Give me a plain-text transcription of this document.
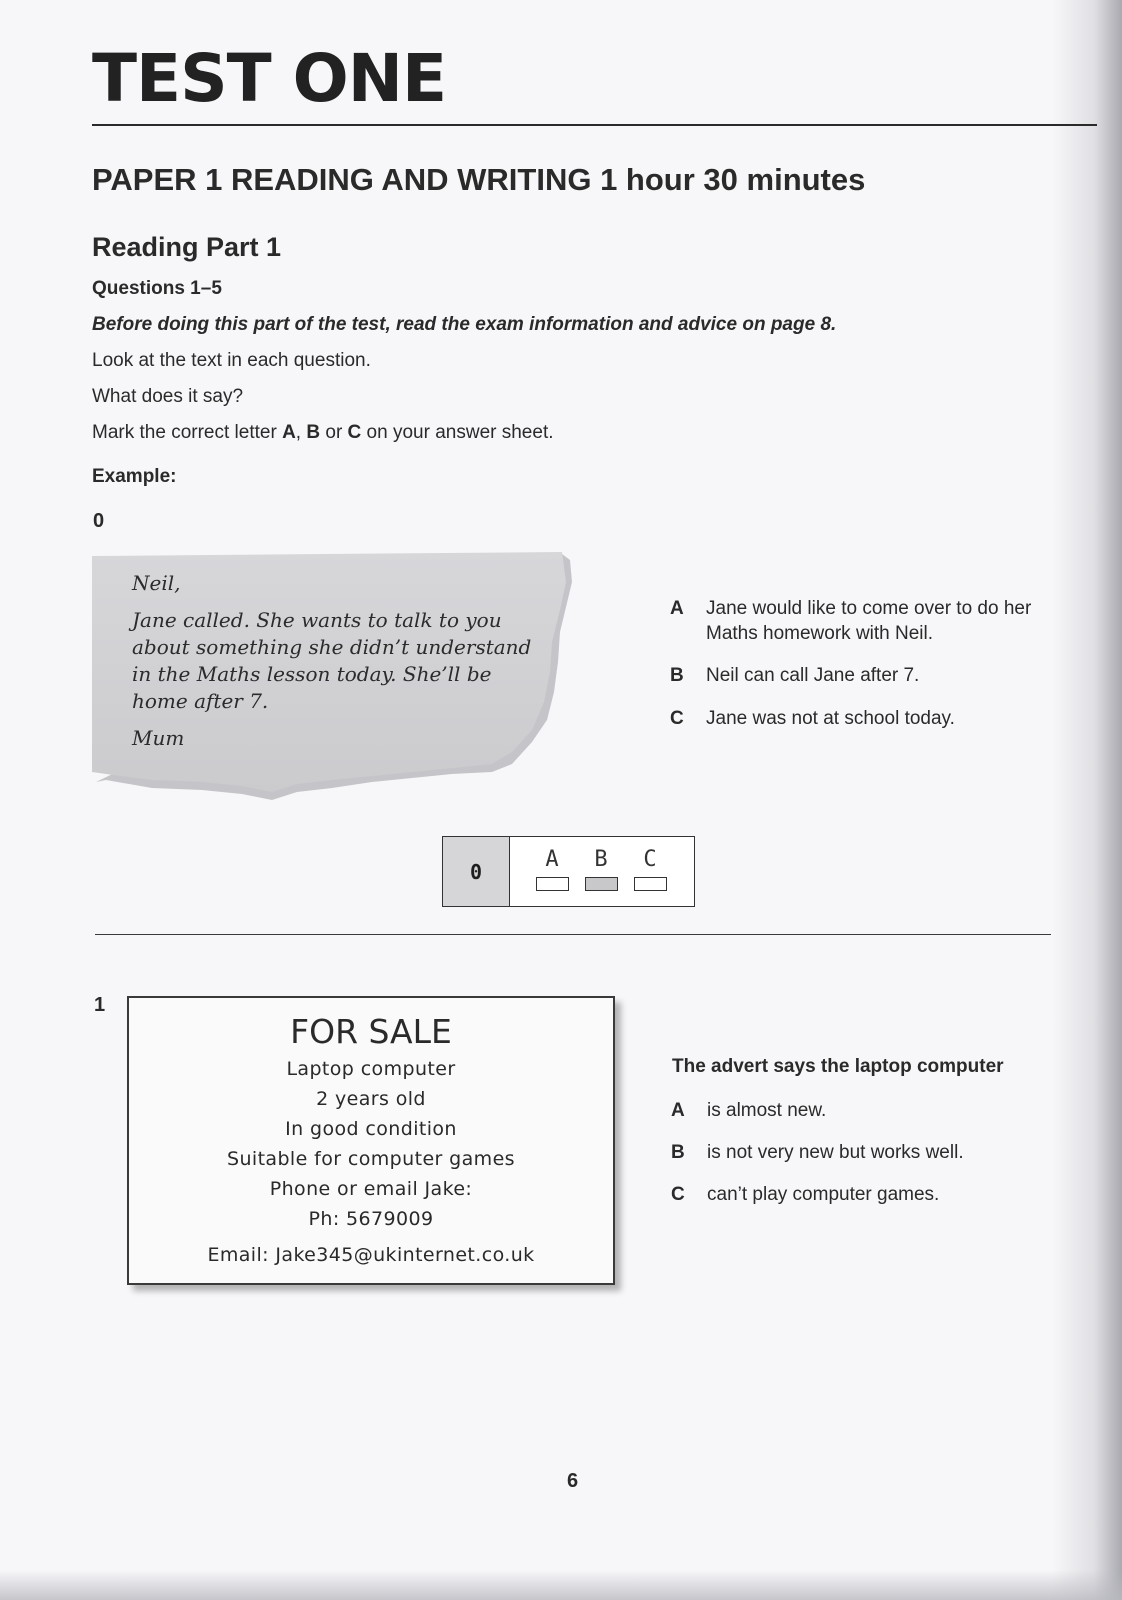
TEST ONE
PAPER 1 READING AND WRITING 1 hour 30 minutes
Reading Part 1
Questions 1–5
Before doing this part of the test, read the exam information and advice on page 8.
Look at the text in each question.
What does it say?
Mark the correct letter A, B or C on your answer sheet.
Example:
0

Neil,

Jane called. She wants to talk to you about something she didn’t understand in the Maths lesson today. She’ll be home after 7.

Mum

A	Jane would like to come over to do her Maths homework with Neil.
B	Neil can call Jane after 7.
C	Jane was not at school today.
0	A	B	C
1
FOR SALE
Laptop computer
2 years old
In good condition
Suitable for computer games
Phone or email Jake:
Ph: 5679009
Email: Jake345@ukinternet.co.uk
The advert says the laptop computer
A	is almost new.
B	is not very new but works well.
C	can’t play computer games.
6
